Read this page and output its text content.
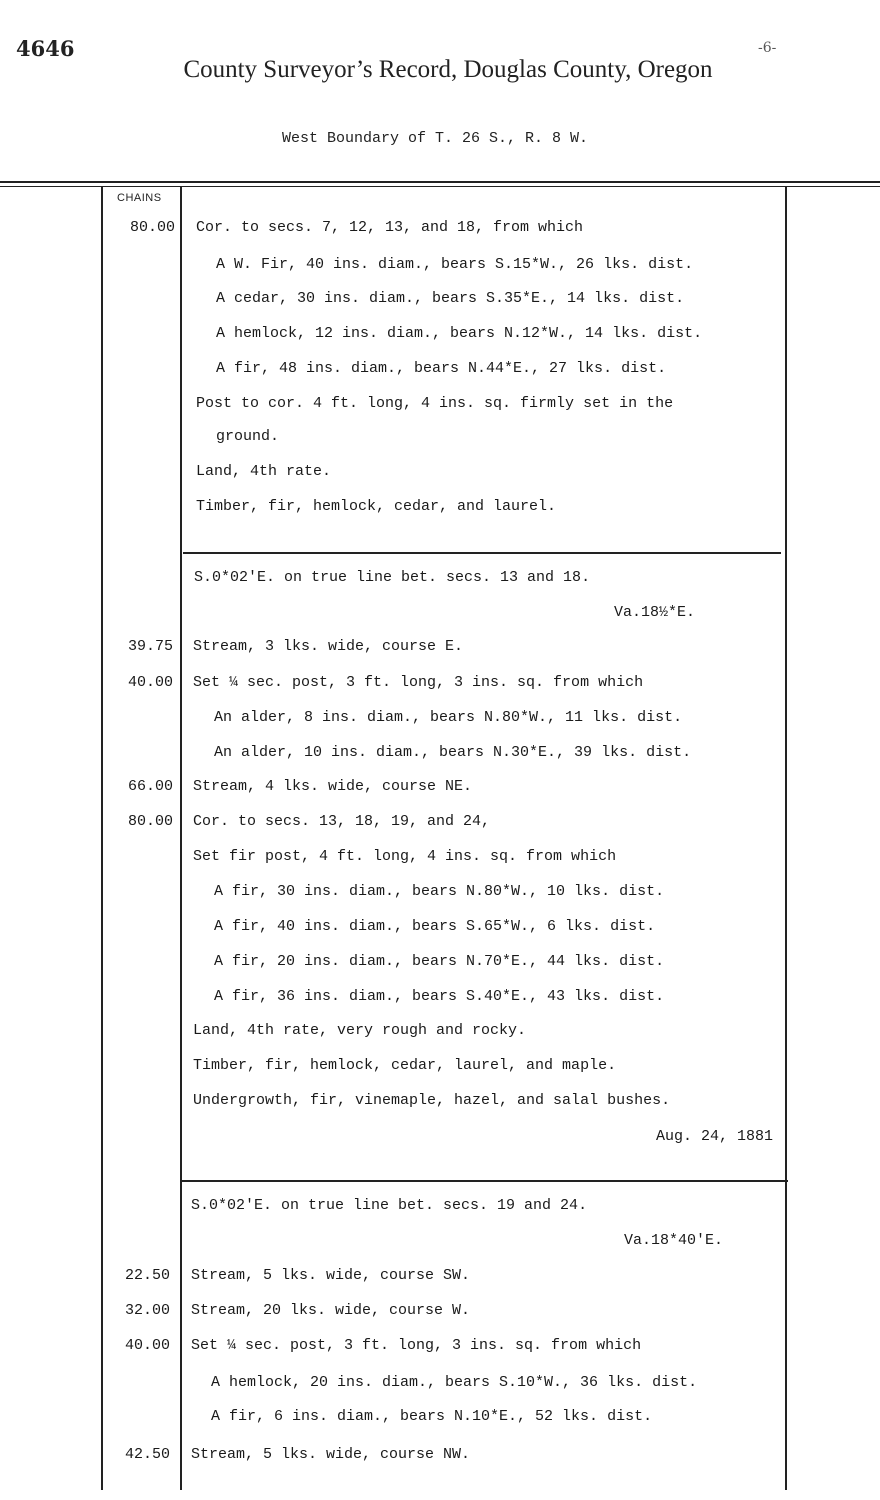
4646	-6-
County Surveyor’s Record, Douglas County, Oregon
West Boundary of T. 26 S., R. 8 W.
CHAINS
80.00 Cor. to secs. 7, 12, 13, and 18, from which
A W. Fir, 40 ins. diam., bears S.15*W., 26 lks. dist.
A cedar, 30 ins. diam., bears S.35*E., 14 lks. dist.
A hemlock, 12 ins. diam., bears N.12*W., 14 lks. dist.
A fir, 48 ins. diam., bears N.44*E., 27 lks. dist.
Post to cor. 4 ft. long, 4 ins. sq. firmly set in the
ground.
Land, 4th rate.
Timber, fir, hemlock, cedar, and laurel.
S.0*02'E. on true line bet. secs. 13 and 18.
Va.18½*E.
39.75 Stream, 3 lks. wide, course E.
40.00 Set ¼ sec. post, 3 ft. long, 3 ins. sq. from which
An alder, 8 ins. diam., bears N.80*W., 11 lks. dist.
An alder, 10 ins. diam., bears N.30*E., 39 lks. dist.
66.00 Stream, 4 lks. wide, course NE.
80.00 Cor. to secs. 13, 18, 19, and 24,
Set fir post, 4 ft. long, 4 ins. sq. from which
A fir, 30 ins. diam., bears N.80*W., 10 lks. dist.
A fir, 40 ins. diam., bears S.65*W., 6 lks. dist.
A fir, 20 ins. diam., bears N.70*E., 44 lks. dist.
A fir, 36 ins. diam., bears S.40*E., 43 lks. dist.
Land, 4th rate, very rough and rocky.
Timber, fir, hemlock, cedar, laurel, and maple.
Undergrowth, fir, vinemaple, hazel, and salal bushes.
Aug. 24, 1881
S.0*02'E. on true line bet. secs. 19 and 24.
Va.18*40'E.
22.50 Stream, 5 lks. wide, course SW.
32.00 Stream, 20 lks. wide, course W.
40.00 Set ¼ sec. post, 3 ft. long, 3 ins. sq. from which
A hemlock, 20 ins. diam., bears S.10*W., 36 lks. dist.
A fir, 6 ins. diam., bears N.10*E., 52 lks. dist.
42.50 Stream, 5 lks. wide, course NW.
